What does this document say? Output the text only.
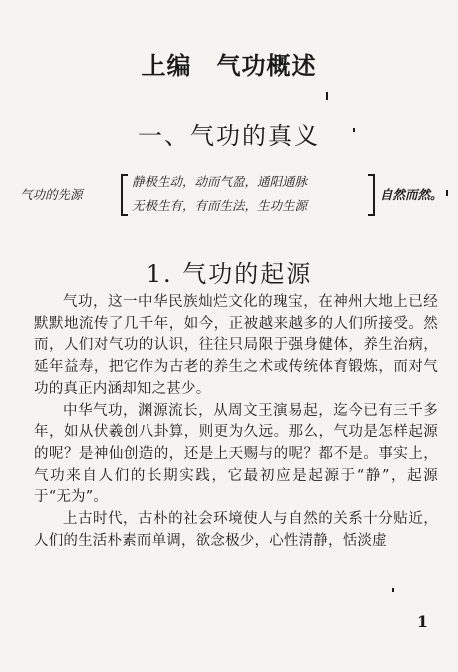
上编　气功概述
一、气功的真义
气功的先源
静极生动，动而气盈，通阳通脉
无极生有，有而生法，生功生源
自然而然。
1. 气功的起源

气功，这一中华民族灿烂文化的瑰宝，在神州大地上已经默默地流传了几千年，如今，正被越来越多的人们所接受。然而，人们对气功的认识，往往只局限于强身健体，养生治病，延年益寿，把它作为古老的养生之术或传统体育锻炼，而对气功的真正内涵却知之甚少。

中华气功，渊源流长，从周文王演易起，迄今已有三千多年，如从伏羲创八卦算，则更为久远。那么，气功是怎样起源的呢？是神仙创造的，还是上天赐与的呢？都不是。事实上，气功来自人们的长期实践，它最初应是起源于“静”，起源于“无为”。

上古时代，古朴的社会环境使人与自然的关系十分贴近，人们的生活朴素而单调，欲念极少，心性清静，恬淡虚

1
